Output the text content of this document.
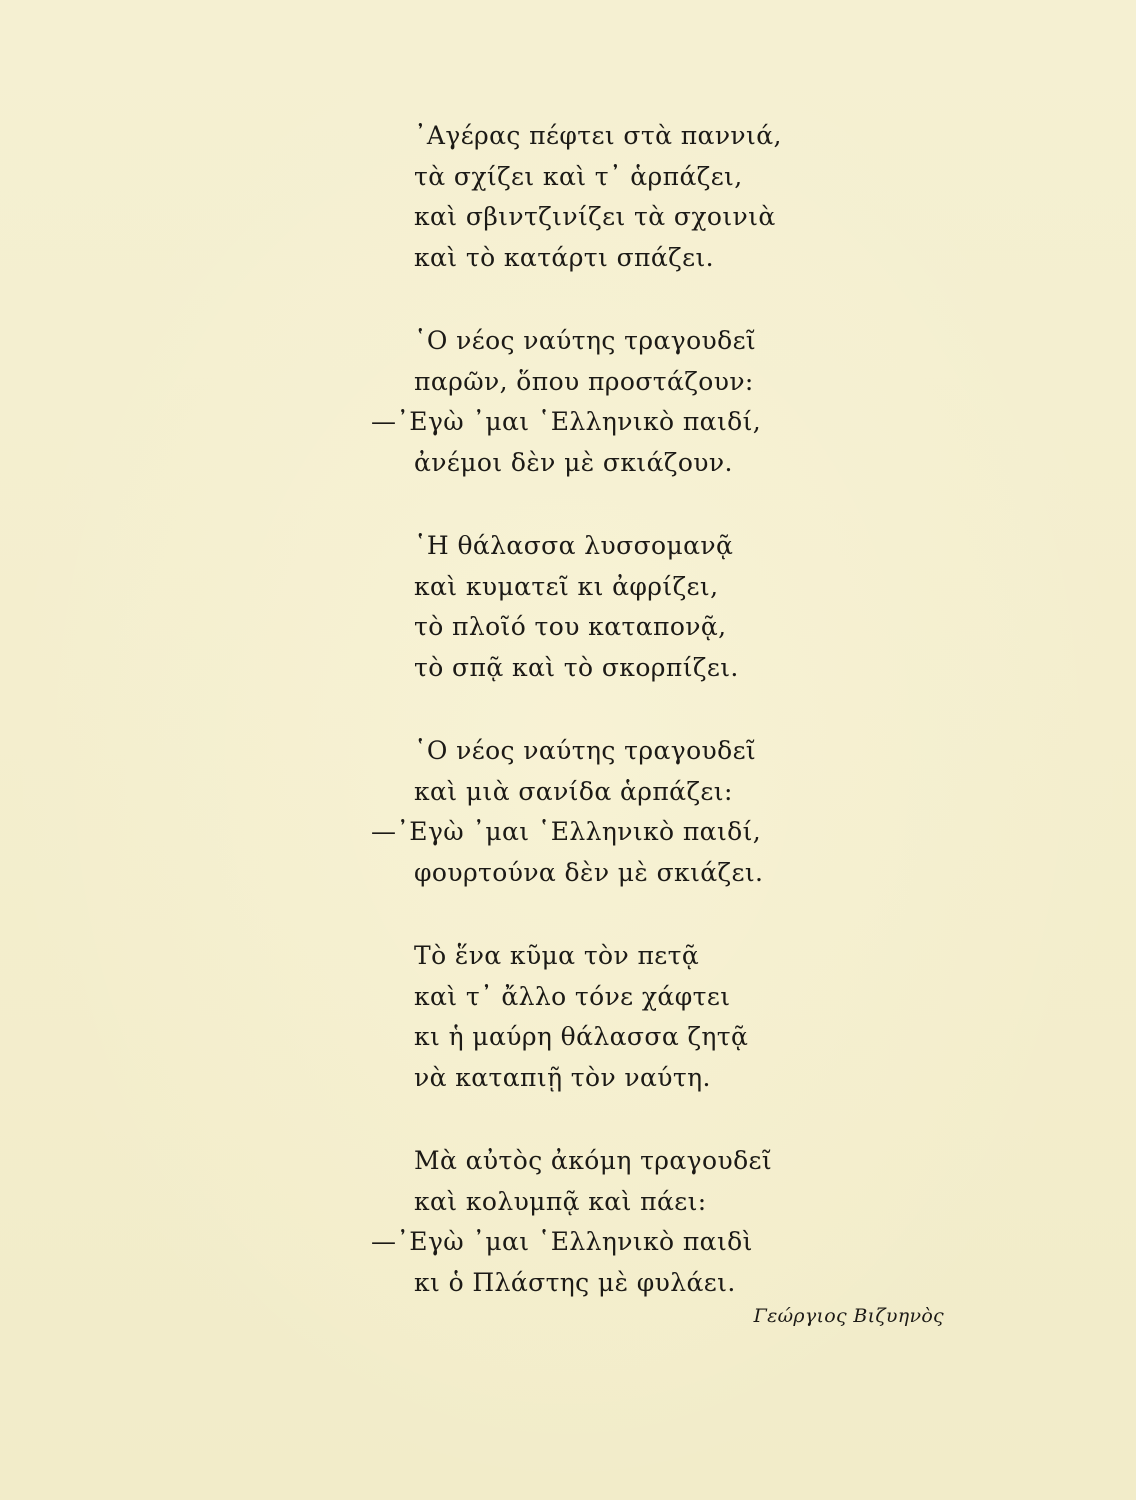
᾿Αγέρας πέφτει στὰ παννιά,
τὰ σχίζει καὶ τ᾿ ἁρπάζει,
καὶ σβιντζινίζει τὰ σχοινιὰ
καὶ τὸ κατάρτι σπάζει.
῾Ο νέος ναύτης τραγουδεῖ
παρῶν, ὅπου προστάζουν:
—᾿Εγὼ ᾿μαι ῾Ελληνικὸ παιδί,
ἀνέμοι δὲν μὲ σκιάζουν.
῾Η θάλασσα λυσσομανᾷ
καὶ κυματεῖ κι ἀφρίζει,
τὸ πλοῖό του καταπονᾷ,
τὸ σπᾷ καὶ τὸ σκορπίζει.
῾Ο νέος ναύτης τραγουδεῖ
καὶ μιὰ σανίδα ἁρπάζει:
—᾿Εγὼ ᾿μαι ῾Ελληνικὸ παιδί,
φουρτούνα δὲν μὲ σκιάζει.
Τὸ ἕνα κῦμα τὸν πετᾷ
καὶ τ᾿ ἄλλο τόνε χάφτει
κι ἡ μαύρη θάλασσα ζητᾷ
νὰ καταπιῇ τὸν ναύτη.
Μὰ αὐτὸς ἀκόμη τραγουδεῖ
καὶ κολυμπᾷ καὶ πάει:
—᾿Εγὼ ᾿μαι ῾Ελληνικὸ παιδὶ
κι ὁ Πλάστης μὲ φυλάει.
Γεώργιος Βιζυηνὸς
